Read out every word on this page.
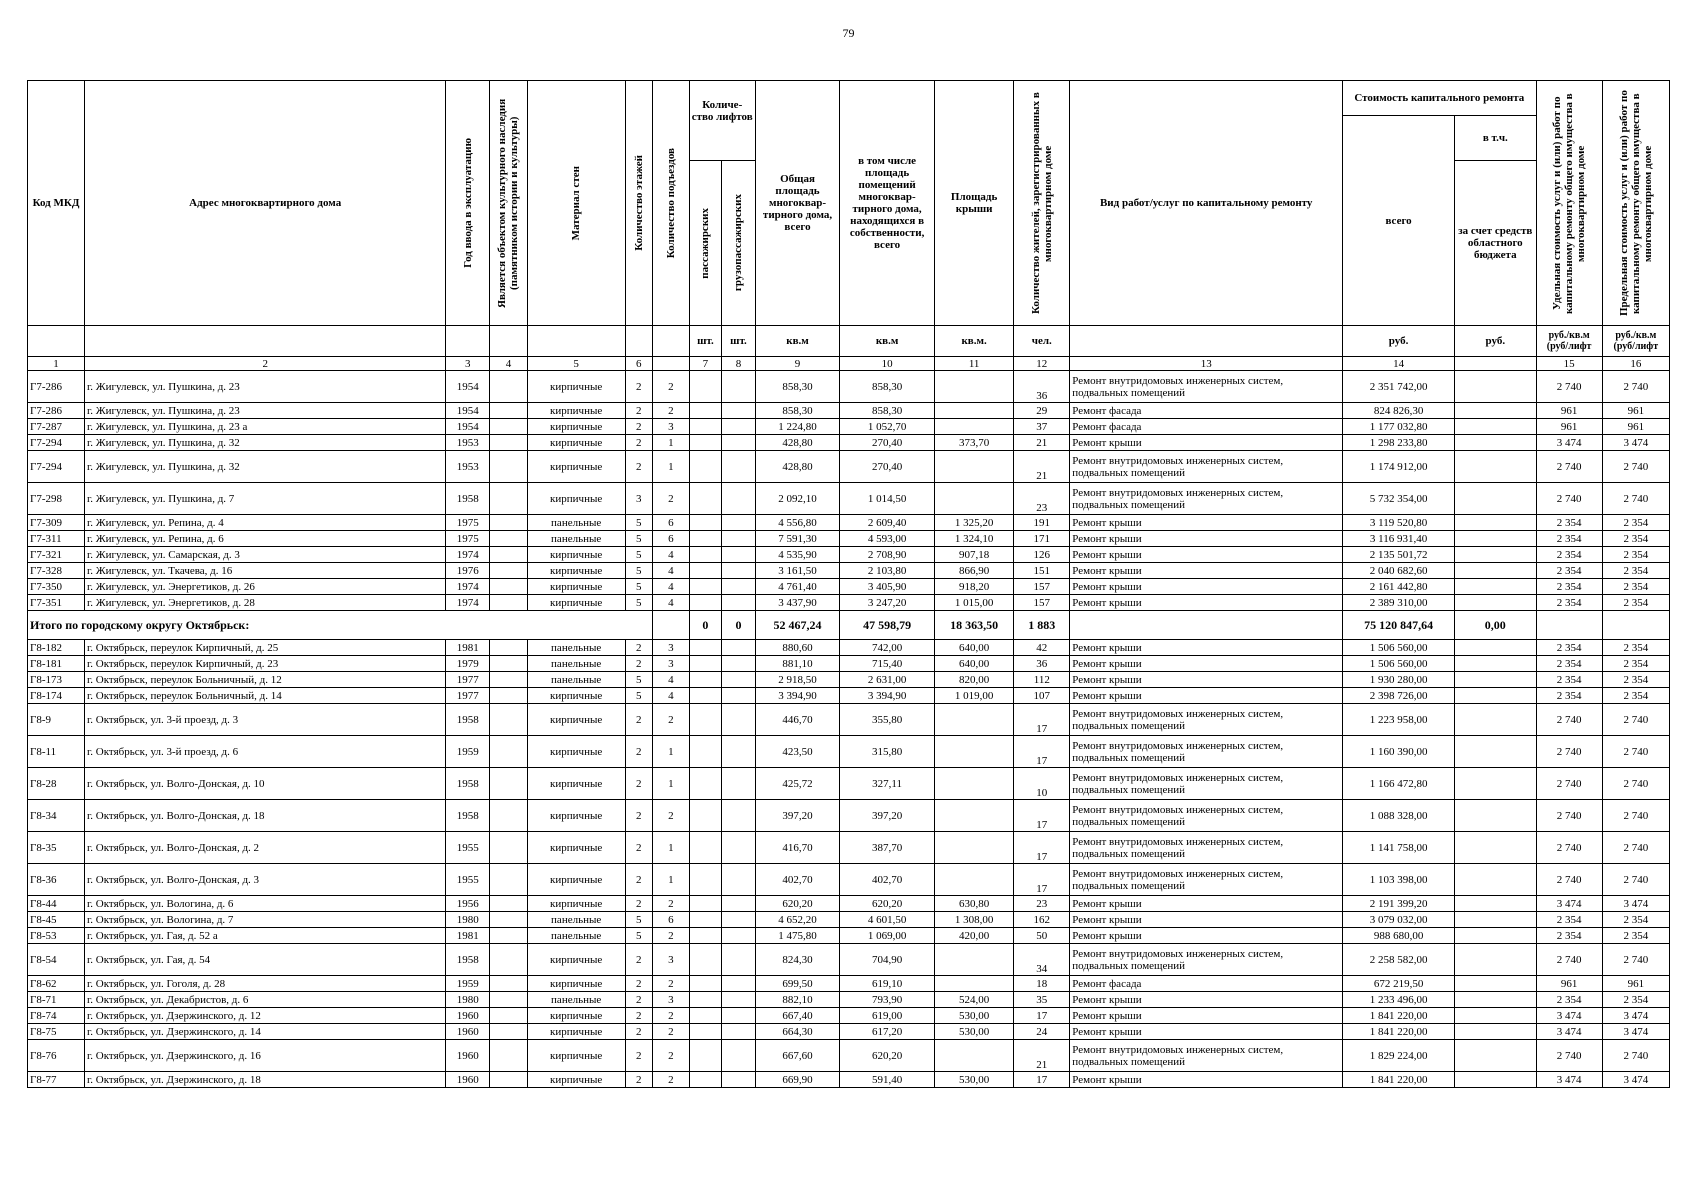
79
Код МКД	Адрес многоквартирного дома	Год ввода в эксплуатацию	Является объектом культурного наследия (памятником истории и культуры)	Материал стен	Количество этажей	Количество подъездов	Количе-ство лифтов		Общая площадь многоквар-тирного дома, всего	в том числе площадь помещений многоквар-тирного дома, находящихся в собственности, всего	Площадь крыши	Количество жителей, зарегистрированных в многоквартирном доме	Вид работ/услуг по капитальному ремонту	Стоимость капитального ремонта		Удельная стоимость услуг и (или) работ по капитальному ремонту общего имущества в многоквартирном доме	Предельная стоимость услуг и (или) работ по капитальному ремонту общего имущества в многоквартирном доме

														всего	в т.ч.		

							пассажирских	грузопассажирских							за счет средств областного бюджета		
							шт.	шт.	кв.м	кв.м	кв.м.	чел.		руб.	руб.	руб./кв.м (руб/лифт	руб./кв.м (руб/лифт
1	2	3	4	5	6		7	8	9	10	11	12	13	14		15	16
Г7-286	г. Жигулевск, ул. Пушкина, д. 23	1954		кирпичные	2	2			858,30	858,30		36	Ремонт внутридомовых инженерных систем, подвальных помещений	2 351 742,00		2 740	2 740
Г7-286	г. Жигулевск, ул. Пушкина, д. 23	1954		кирпичные	2	2			858,30	858,30		29	Ремонт фасада	824 826,30		961	961
Г7-287	г. Жигулевск, ул. Пушкина, д. 23 а	1954		кирпичные	2	3			1 224,80	1 052,70		37	Ремонт фасада	1 177 032,80		961	961
Г7-294	г. Жигулевск, ул. Пушкина, д. 32	1953		кирпичные	2	1			428,80	270,40	373,70	21	Ремонт крыши	1 298 233,80		3 474	3 474
Г7-294	г. Жигулевск, ул. Пушкина, д. 32	1953		кирпичные	2	1			428,80	270,40		21	Ремонт внутридомовых инженерных систем, подвальных помещений	1 174 912,00		2 740	2 740
Г7-298	г. Жигулевск, ул. Пушкина, д. 7	1958		кирпичные	3	2			2 092,10	1 014,50		23	Ремонт внутридомовых инженерных систем, подвальных помещений	5 732 354,00		2 740	2 740
Г7-309	г. Жигулевск, ул. Репина, д. 4	1975		панельные	5	6			4 556,80	2 609,40	1 325,20	191	Ремонт крыши	3 119 520,80		2 354	2 354
Г7-311	г. Жигулевск, ул. Репина, д. 6	1975		панельные	5	6			7 591,30	4 593,00	1 324,10	171	Ремонт крыши	3 116 931,40		2 354	2 354
Г7-321	г. Жигулевск, ул. Самарская, д. 3	1974		кирпичные	5	4			4 535,90	2 708,90	907,18	126	Ремонт крыши	2 135 501,72		2 354	2 354
Г7-328	г. Жигулевск, ул. Ткачева, д. 16	1976		кирпичные	5	4			3 161,50	2 103,80	866,90	151	Ремонт крыши	2 040 682,60		2 354	2 354
Г7-350	г. Жигулевск, ул. Энергетиков, д. 26	1974		кирпичные	5	4			4 761,40	3 405,90	918,20	157	Ремонт крыши	2 161 442,80		2 354	2 354
Г7-351	г. Жигулевск, ул. Энергетиков, д. 28	1974		кирпичные	5	4			3 437,90	3 247,20	1 015,00	157	Ремонт крыши	2 389 310,00		2 354	2 354
Итого по городскому округу Октябрьск:							0	0	52 467,24	47 598,79	18 363,50	1 883		75 120 847,64	0,00		
Г8-182	г. Октябрьск, переулок Кирпичный, д. 25	1981		панельные	2	3			880,60	742,00	640,00	42	Ремонт крыши	1 506 560,00		2 354	2 354
Г8-181	г. Октябрьск, переулок Кирпичный, д. 23	1979		панельные	2	3			881,10	715,40	640,00	36	Ремонт крыши	1 506 560,00		2 354	2 354
Г8-173	г. Октябрьск, переулок Больничный, д. 12	1977		панельные	5	4			2 918,50	2 631,00	820,00	112	Ремонт крыши	1 930 280,00		2 354	2 354
Г8-174	г. Октябрьск, переулок Больничный, д. 14	1977		кирпичные	5	4			3 394,90	3 394,90	1 019,00	107	Ремонт крыши	2 398 726,00		2 354	2 354
Г8-9	г. Октябрьск, ул. 3-й проезд, д. 3	1958		кирпичные	2	2			446,70	355,80		17	Ремонт внутридомовых инженерных систем, подвальных помещений	1 223 958,00		2 740	2 740
Г8-11	г. Октябрьск, ул. 3-й проезд, д. 6	1959		кирпичные	2	1			423,50	315,80		17	Ремонт внутридомовых инженерных систем, подвальных помещений	1 160 390,00		2 740	2 740
Г8-28	г. Октябрьск, ул. Волго-Донская, д. 10	1958		кирпичные	2	1			425,72	327,11		10	Ремонт внутридомовых инженерных систем, подвальных помещений	1 166 472,80		2 740	2 740
Г8-34	г. Октябрьск, ул. Волго-Донская, д. 18	1958		кирпичные	2	2			397,20	397,20		17	Ремонт внутридомовых инженерных систем, подвальных помещений	1 088 328,00		2 740	2 740
Г8-35	г. Октябрьск, ул. Волго-Донская, д. 2	1955		кирпичные	2	1			416,70	387,70		17	Ремонт внутридомовых инженерных систем, подвальных помещений	1 141 758,00		2 740	2 740
Г8-36	г. Октябрьск, ул. Волго-Донская, д. 3	1955		кирпичные	2	1			402,70	402,70		17	Ремонт внутридомовых инженерных систем, подвальных помещений	1 103 398,00		2 740	2 740
Г8-44	г. Октябрьск, ул. Вологина, д. 6	1956		кирпичные	2	2			620,20	620,20	630,80	23	Ремонт крыши	2 191 399,20		3 474	3 474
Г8-45	г. Октябрьск, ул. Вологина, д. 7	1980		панельные	5	6			4 652,20	4 601,50	1 308,00	162	Ремонт крыши	3 079 032,00		2 354	2 354
Г8-53	г. Октябрьск, ул. Гая, д. 52 а	1981		панельные	5	2			1 475,80	1 069,00	420,00	50	Ремонт крыши	988 680,00		2 354	2 354
Г8-54	г. Октябрьск, ул. Гая, д. 54	1958		кирпичные	2	3			824,30	704,90		34	Ремонт внутридомовых инженерных систем, подвальных помещений	2 258 582,00		2 740	2 740
Г8-62	г. Октябрьск, ул. Гоголя, д. 28	1959		кирпичные	2	2			699,50	619,10		18	Ремонт фасада	672 219,50		961	961
Г8-71	г. Октябрьск, ул. Декабристов, д. 6	1980		панельные	2	3			882,10	793,90	524,00	35	Ремонт крыши	1 233 496,00		2 354	2 354
Г8-74	г. Октябрьск, ул. Дзержинского, д. 12	1960		кирпичные	2	2			667,40	619,00	530,00	17	Ремонт крыши	1 841 220,00		3 474	3 474
Г8-75	г. Октябрьск, ул. Дзержинского, д. 14	1960		кирпичные	2	2			664,30	617,20	530,00	24	Ремонт крыши	1 841 220,00		3 474	3 474
Г8-76	г. Октябрьск, ул. Дзержинского, д. 16	1960		кирпичные	2	2			667,60	620,20		21	Ремонт внутридомовых инженерных систем, подвальных помещений	1 829 224,00		2 740	2 740
Г8-77	г. Октябрьск, ул. Дзержинского, д. 18	1960		кирпичные	2	2			669,90	591,40	530,00	17	Ремонт крыши	1 841 220,00		3 474	3 474
